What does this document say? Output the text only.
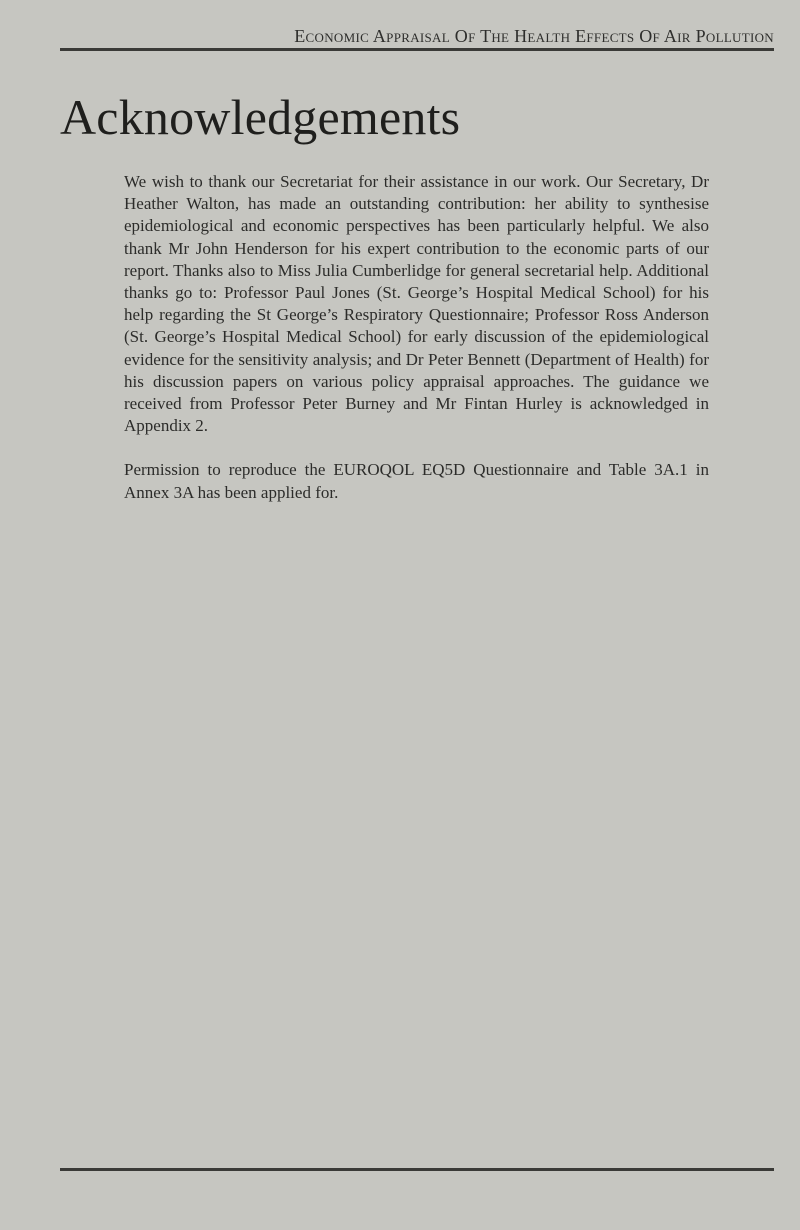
Economic Appraisal Of The Health Effects Of Air Pollution
Acknowledgements

We wish to thank our Secretariat for their assistance in our work. Our Secretary, Dr Heather Walton, has made an outstanding contribution: her ability to synthesise epidemiological and economic perspectives has been particularly helpful. We also thank Mr John Henderson for his expert contribution to the economic parts of our report. Thanks also to Miss Julia Cumberlidge for general secretarial help. Additional thanks go to: Professor Paul Jones (St. George’s Hospital Medical School) for his help regarding the St George’s Respiratory Questionnaire; Professor Ross Anderson (St. George’s Hospital Medical School) for early discussion of the epidemiological evidence for the sensitivity analysis; and Dr Peter Bennett (Department of Health) for his discussion papers on various policy appraisal approaches. The guidance we received from Professor Peter Burney and Mr Fintan Hurley is acknowledged in Appendix 2.

Permission to reproduce the EUROQOL EQ5D Questionnaire and Table 3A.1 in Annex 3A has been applied for.
